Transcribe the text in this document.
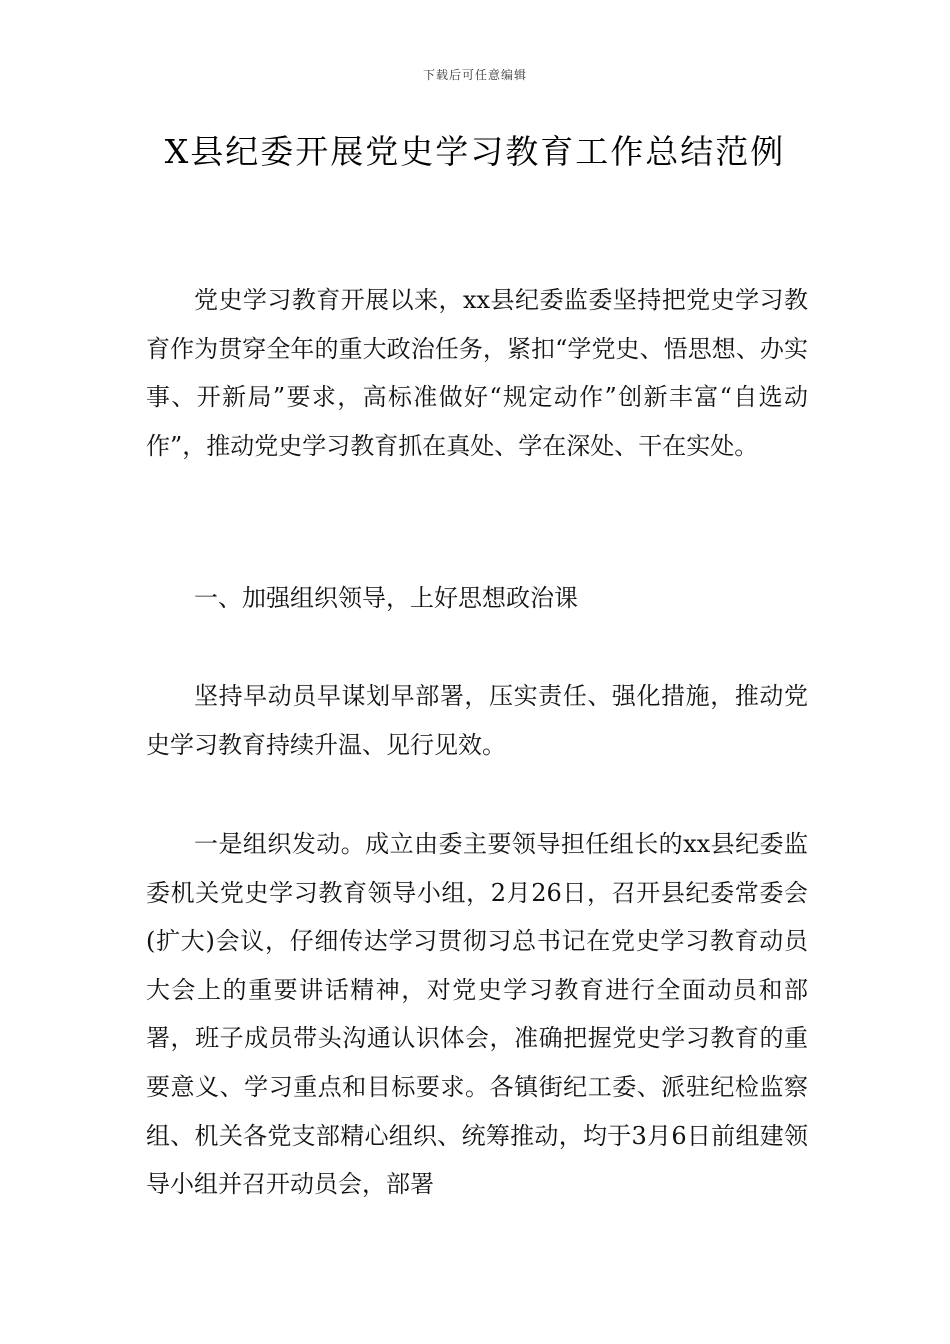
下载后可任意编辑
X县纪委开展党史学习教育工作总结范例

党史学习教育开展以来，xx县纪委监委坚持把党史学习教育作为贯穿全年的重大政治任务，紧扣“学党史、悟思想、办实事、开新局”要求，高标准做好“规定动作”创新丰富“自选动作”，推动党史学习教育抓在真处、学在深处、干在实处。

一、加强组织领导，上好思想政治课

坚持早动员早谋划早部署，压实责任、强化措施，推动党史学习教育持续升温、见行见效。

一是组织发动。成立由委主要领导担任组长的xx县纪委监委机关党史学习教育领导小组，2月26日，召开县纪委常委会(扩大)会议，仔细传达学习贯彻习总书记在党史学习教育动员大会上的重要讲话精神，对党史学习教育进行全面动员和部署，班子成员带头沟通认识体会，准确把握党史学习教育的重要意义、学习重点和目标要求。各镇街纪工委、派驻纪检监察组、机关各党支部精心组织、统筹推动，均于3月6日前组建领导小组并召开动员会，部署
